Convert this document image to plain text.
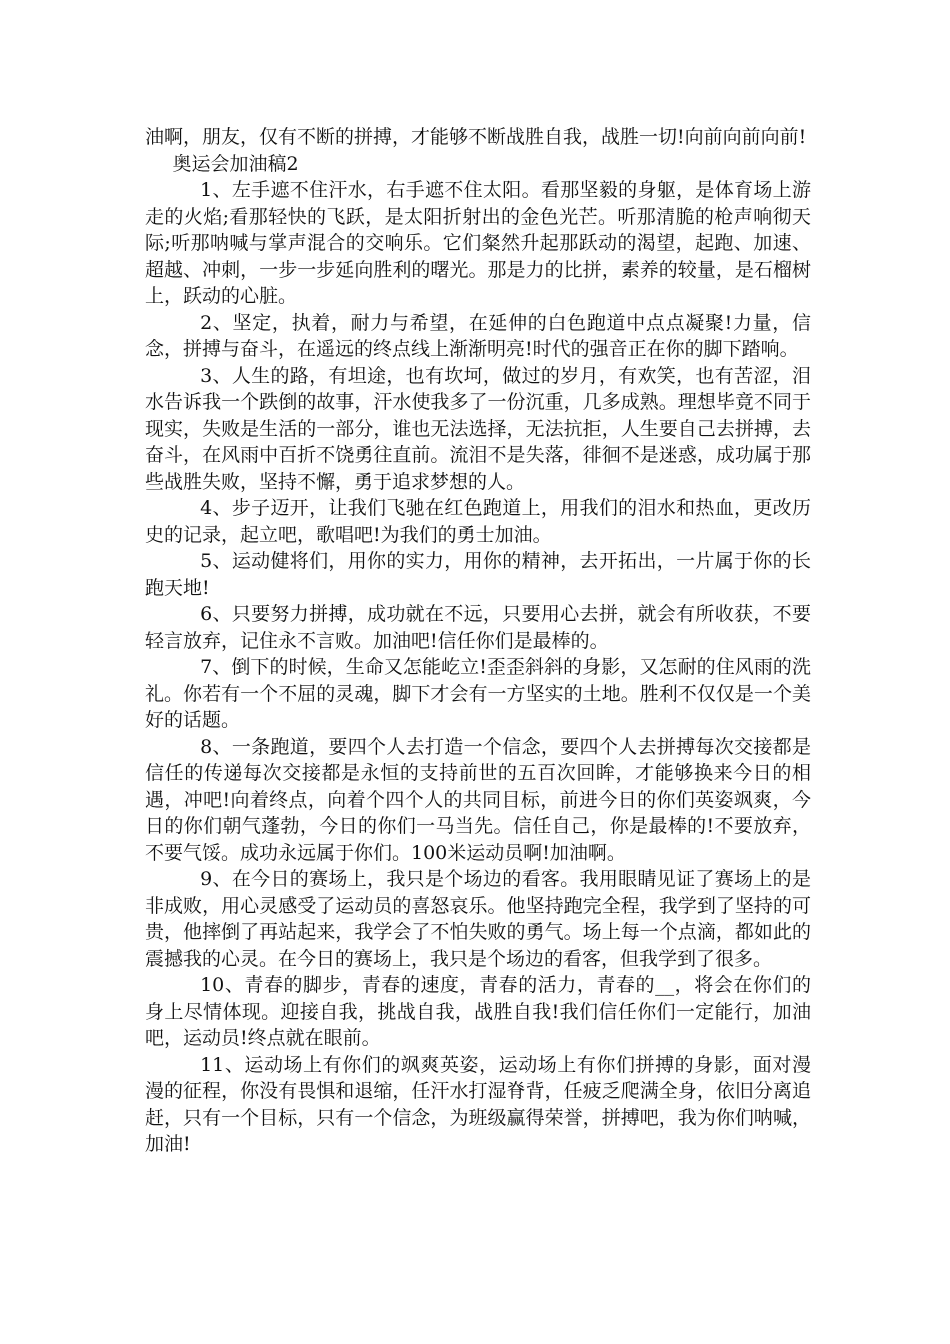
油啊，朋友，仅有不断的拼搏，才能够不断战胜自我，战胜一切!向前向前向前!

奥运会加油稿2

1、左手遮不住汗水，右手遮不住太阳。看那坚毅的身躯，是体育场上游走的火焰;看那轻快的飞跃，是太阳折射出的金色光芒。听那清脆的枪声响彻天际;听那呐喊与掌声混合的交响乐。它们粲然升起那跃动的渴望，起跑、加速、超越、冲刺，一步一步延向胜利的曙光。那是力的比拼，素养的较量，是石榴树上，跃动的心脏。

2、坚定，执着，耐力与希望，在延伸的白色跑道中点点凝聚!力量，信念，拼搏与奋斗，在遥远的终点线上渐渐明亮!时代的强音正在你的脚下踏响。

3、人生的路，有坦途，也有坎坷，做过的岁月，有欢笑，也有苦涩，泪水告诉我一个跌倒的故事，汗水使我多了一份沉重，几多成熟。理想毕竟不同于现实，失败是生活的一部分，谁也无法选择，无法抗拒，人生要自己去拼搏，去奋斗，在风雨中百折不饶勇往直前。流泪不是失落，徘徊不是迷惑，成功属于那些战胜失败，坚持不懈，勇于追求梦想的人。

4、步子迈开，让我们飞驰在红色跑道上，用我们的泪水和热血，更改历史的记录，起立吧，歌唱吧!为我们的勇士加油。

5、运动健将们，用你的实力，用你的精神，去开拓出，一片属于你的长跑天地!

6、只要努力拼搏，成功就在不远，只要用心去拼，就会有所收获，不要轻言放弃，记住永不言败。加油吧!信任你们是最棒的。

7、倒下的时候，生命又怎能屹立!歪歪斜斜的身影，又怎耐的住风雨的洗礼。你若有一个不屈的灵魂，脚下才会有一方坚实的土地。胜利不仅仅是一个美好的话题。

8、一条跑道，要四个人去打造一个信念，要四个人去拼搏每次交接都是信任的传递每次交接都是永恒的支持前世的五百次回眸，才能够换来今日的相遇，冲吧!向着终点，向着个四个人的共同目标，前进今日的你们英姿飒爽，今日的你们朝气蓬勃，今日的你们一马当先。信任自己，你是最棒的!不要放弃，不要气馁。成功永远属于你们。100米运动员啊!加油啊。

9、在今日的赛场上，我只是个场边的看客。我用眼睛见证了赛场上的是非成败，用心灵感受了运动员的喜怒哀乐。他坚持跑完全程，我学到了坚持的可贵，他摔倒了再站起来，我学会了不怕失败的勇气。场上每一个点滴，都如此的震撼我的心灵。在今日的赛场上，我只是个场边的看客，但我学到了很多。

10、青春的脚步，青春的速度，青春的活力，青春的__，将会在你们的身上尽情体现。迎接自我，挑战自我，战胜自我!我们信任你们一定能行，加油吧，运动员!终点就在眼前。

11、运动场上有你们的飒爽英姿，运动场上有你们拼搏的身影，面对漫漫的征程，你没有畏惧和退缩，任汗水打湿脊背，任疲乏爬满全身，依旧分离追赶，只有一个目标，只有一个信念，为班级赢得荣誉，拼搏吧，我为你们呐喊，加油!
